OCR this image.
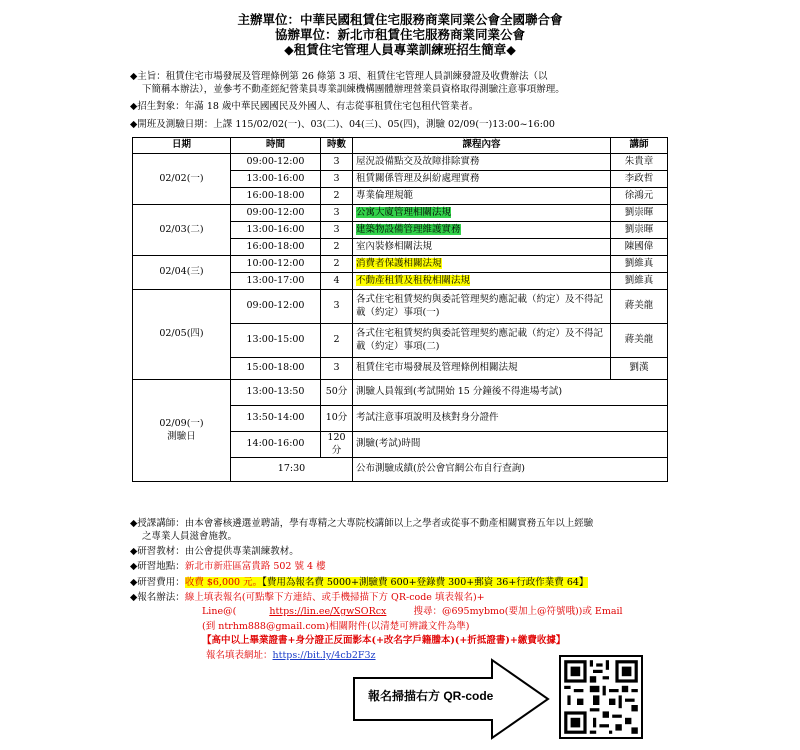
主辦單位：中華民國租賃住宅服務商業同業公會全國聯合會
協辦單位：新北市租賃住宅服務商業同業公會
◆租賃住宅管理人員專業訓練班招生簡章◆
◆主旨：租賃住宅市場發展及管理條例第 26 條第 3 項、租賃住宅管理人員訓練發證及收費辦法（以
下簡稱本辦法），並參考不動產經紀營業員專業訓練機構團體辦理營業員資格取得測驗注意事項辦理。
◆招生對象：年滿 18 歲中華民國國民及外國人、有志從事租賃住宅包租代管業者。
◆開班及測驗日期：上課 115/02/02(一)、03(二)、04(三)、05(四)，測驗 02/09(一)13:00~16:00
日期	時間	時數	課程內容	講師
02/02(一)	09:00-12:00	3	屋況設備點交及故障排除實務	朱貴章
	13:00-16:00	3	租賃關係管理及糾紛處理實務	李政哲
	16:00-18:00	2	專業倫理規範	徐鴻元
02/03(二)	09:00-12:00	3	公寓大廈管理相關法規	劉崇暉
	13:00-16:00	3	建築物設備管理維護實務	劉崇暉
	16:00-18:00	2	室內裝修相關法規	陳國偉
02/04(三)	10:00-12:00	2	消費者保護相關法規	劉維真
	13:00-17:00	4	不動產租賃及租稅相關法規	劉維真
02/05(四)	09:00-12:00	3	各式住宅租賃契約與委託管理契約應記載（約定）及不得記載（約定）事項(一)	蔣美龍
	13:00-15:00	2	各式住宅租賃契約與委託管理契約應記載（約定）及不得記載（約定）事項(二)	蔣美龍
	15:00-18:00	3	租賃住宅市場發展及管理條例相關法規	劉漢

02/09(一)
測驗日	13:00-13:50	50分	測驗人員報到(考試開始 15 分鐘後不得進場考試)	
	13:50-14:00	10分	考試注意事項說明及核對身分證件	
	14:00-16:00	120分	測驗(考試)時間	
	17:30		公布測驗成績(於公會官網公布自行查詢)	
◆授課講師：由本會審核遴選並聘請，學有專精之大專院校講師以上之學者或從事不動產相關實務五年以上經驗
之專業人員滋會施教。
◆研習教材：由公會提供專業訓練教材。
◆研習地點：新北市新莊區富貴路 502 號 4 樓
◆研習費用：收費 $6,000 元。【費用為報名費 5000+測驗費 600+登錄費 300+郵資 36+行政作業費 64】
◆報名辦法：線上填表報名(可點擊下方連結、或手機掃描下方 QR-code 填表報名)+
Line@(	https://lin.ee/XgwSORcx	搜尋：@695mybmo(要加上@符號哦))或 Email
(到 ntrhm888@gmail.com)相關附件(以清楚可辨識文件為準)
【高中以上畢業證書+身分證正反面影本(+改名字戶籍謄本)(+折抵證書)+繳費收據】
報名填表網址：https://bit.ly/4cb2F3z
報名掃描右方 QR-code
